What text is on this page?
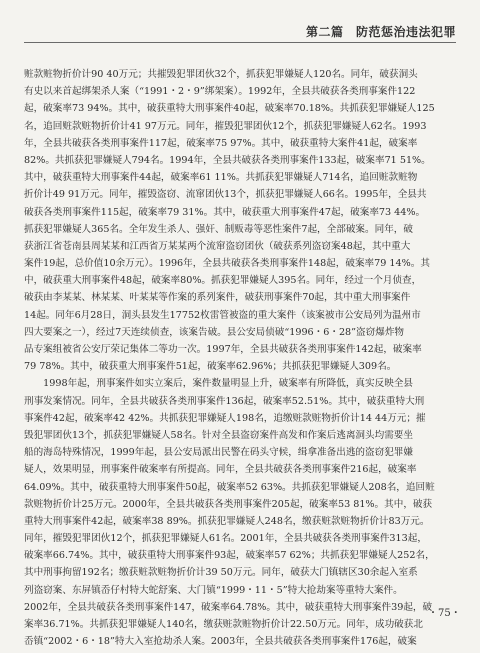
第二篇　防范惩治违法犯罪
赃款赃物折价计90 40万元；共摧毁犯罪团伙32个，抓获犯罪嫌疑人120名。同年，破获洞头
有史以来首起绑架杀人案（“1991・2・9”绑架案）。1992年，全县共破获各类刑事案件122
起，破案率73 94%。其中，破获重特大刑事案件40起，破案率70.18%。共抓获犯罪嫌疑人125
名，追回赃款赃物折价计41 97万元。同年，摧毁犯罪团伙12个，抓获犯罪嫌疑人62名。1993
年，全县共破获各类刑事案件117起，破案率75 97%。其中，破获重特大案件41起，破案率
82%。共抓获犯罪嫌疑人794名。1994年，全县共破获各类刑事案件133起，破案率71 51%。
其中，破获重特大刑事案件44起，破案率61 11%。共抓获犯罪嫌疑人714名，追回赃款赃物
折价计49 91万元。同年，摧毁盗窃、流窜团伙13个，抓获犯罪嫌疑人66名。1995年，全县共
破获各类刑事案件115起，破案率79 31%。其中，破获重大刑事案件47起，破案率73 44%。
抓获犯罪嫌疑人365名。全年发生杀人、强奸、制贩毒等恶性案件7起，全部破案。同年，破
获浙江省苍南县周某某和江西省万某某两个流窜盗窃团伙（破获系列盗窃案48起，其中重大
案件19起，总价值10余万元）。1996年，全县共破获各类刑事案件148起，破案率79 14%。其
中，破获重大刑事案件48起，破案率80%。抓获犯罪嫌疑人395名。同年，经过一个月侦查，
破获由李某某、林某某、叶某某等作案的系列案件，破获刑事案件70起，其中重大刑事案件
14起。同年6月28日，洞头县发生17752枚雷管被盗的重大案件（该案被市公安局列为温州市
四大要案之一），经过7天连续侦查，该案告破。县公安局侦破“1996・6・28”盗窃爆炸物
品专案组被省公安厅荣记集体二等功一次。1997年，全县共破获各类刑事案件142起，破案率
79 78%。其中，破获重大刑事案件51起，破案率62.96%；共抓获犯罪嫌疑人309名。
　　1998年起，刑事案件如实立案后，案件数量明显上升，破案率有所降低，真实反映全县
刑事发案情况。同年，全县共破获各类刑事案件136起，破案率52.51%。其中，破获重特大刑
事案件42起，破案率42 42%。共抓获犯罪嫌疑人198名，追缴赃款赃物折价计14 44万元；摧
毁犯罪团伙13个，抓获犯罪嫌疑人58名。针对全县盗窃案件高发和作案后逃离洞头均需要坐
船的海岛特殊情况，1999年起，县公安局派出民警在码头守候，缉拿准备出逃的盗窃犯罪嫌
疑人，效果明显，刑事案件破案率有所提高。同年，全县共破获各类刑事案件216起，破案率
64.09%。其中，破获重特大刑事案件50起，破案率52 63%。共抓获犯罪嫌疑人208名，追回赃
款赃物折价计25万元。2000年，全县共破获各类刑事案件205起，破案率53 81%。其中，破获
重特大刑事案件42起，破案率38 89%。抓获犯罪嫌疑人248名，缴获赃款赃物折价计83万元。
同年，摧毁犯罪团伙12个，抓获犯罪嫌疑人61名。2001年，全县共破获各类刑事案件313起，
破案率66.74%。其中，破获重特大刑事案件93起，破案率57 62%；共抓获犯罪嫌疑人252名，
其中刑事拘留192名；缴获赃款赃物折价计39 50万元。同年，破获大门镇辖区30余起入室系
列盗窃案、东屏镇岙仔村特大蛇舒案、大门镇“1999・11・5”特大抢劫案等重特大案件。
2002年，全县共破获各类刑事案件147，破案率64.78%。其中，破获重特大刑事案件39起，破
案率36.71%。共抓获犯罪嫌疑人140名，缴获赃款赃物折价计22.50万元。同年，成功破获北
岙镇“2002・6・18”特大入室抢劫杀人案。2003年，全县共破获各类刑事案件176起，破案
・75・
